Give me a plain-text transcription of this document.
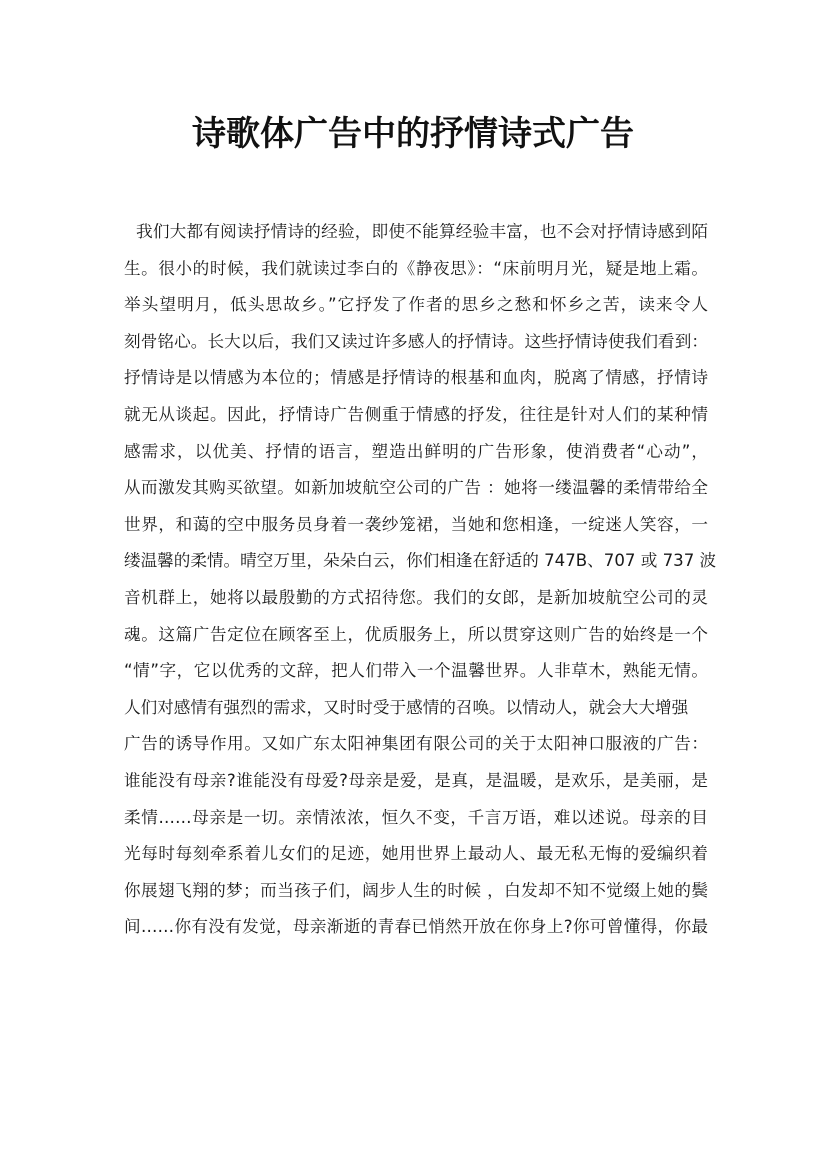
诗歌体广告中的抒情诗式广告
我们大都有阅读抒情诗的经验，即使不能算经验丰富，也不会对抒情诗感到陌
生。很小的时候，我们就读过李白的《静夜思》：“床前明月光，疑是地上霜。
举头望明月，低头思故乡。”它抒发了作者的思乡之愁和怀乡之苦，读来令人
刻骨铭心。长大以后，我们又读过许多感人的抒情诗。这些抒情诗使我们看到：
抒情诗是以情感为本位的；情感是抒情诗的根基和血肉，脱离了情感，抒情诗
就无从谈起。因此，抒情诗广告侧重于情感的抒发，往往是针对人们的某种情
感需求，以优美、抒情的语言，塑造出鲜明的广告形象，使消费者“心动”，
从而激发其购买欲望。如新加坡航空公司的广告 ：她将一缕温馨的柔情带给全
世界，和蔼的空中服务员身着一袭纱笼裙，当她和您相逢，一绽迷人笑容，一
缕温馨的柔情。晴空万里，朵朵白云，你们相逢在舒适的 747B、707 或 737 波
音机群上，她将以最殷勤的方式招待您。我们的女郎，是新加坡航空公司的灵
魂。这篇广告定位在顾客至上，优质服务上，所以贯穿这则广告的始终是一个
“情”字，它以优秀的文辞，把人们带入一个温馨世界。人非草木，熟能无情。
人们对感情有强烈的需求，又时时受于感情的召唤。以情动人，就会大大增强
广告的诱导作用。又如广东太阳神集团有限公司的关于太阳神口服液的广告：
谁能没有母亲?谁能没有母爱?母亲是爱，是真，是温暖，是欢乐，是美丽，是
柔情……母亲是一切。亲情浓浓，恒久不变，千言万语，难以述说。母亲的目
光每时每刻牵系着儿女们的足迹，她用世界上最动人、最无私无悔的爱编织着
你展翅飞翔的梦；而当孩子们，阔步人生的时候 ，白发却不知不觉缀上她的鬓
间……你有没有发觉，母亲渐逝的青春已悄然开放在你身上?你可曾懂得，你最
